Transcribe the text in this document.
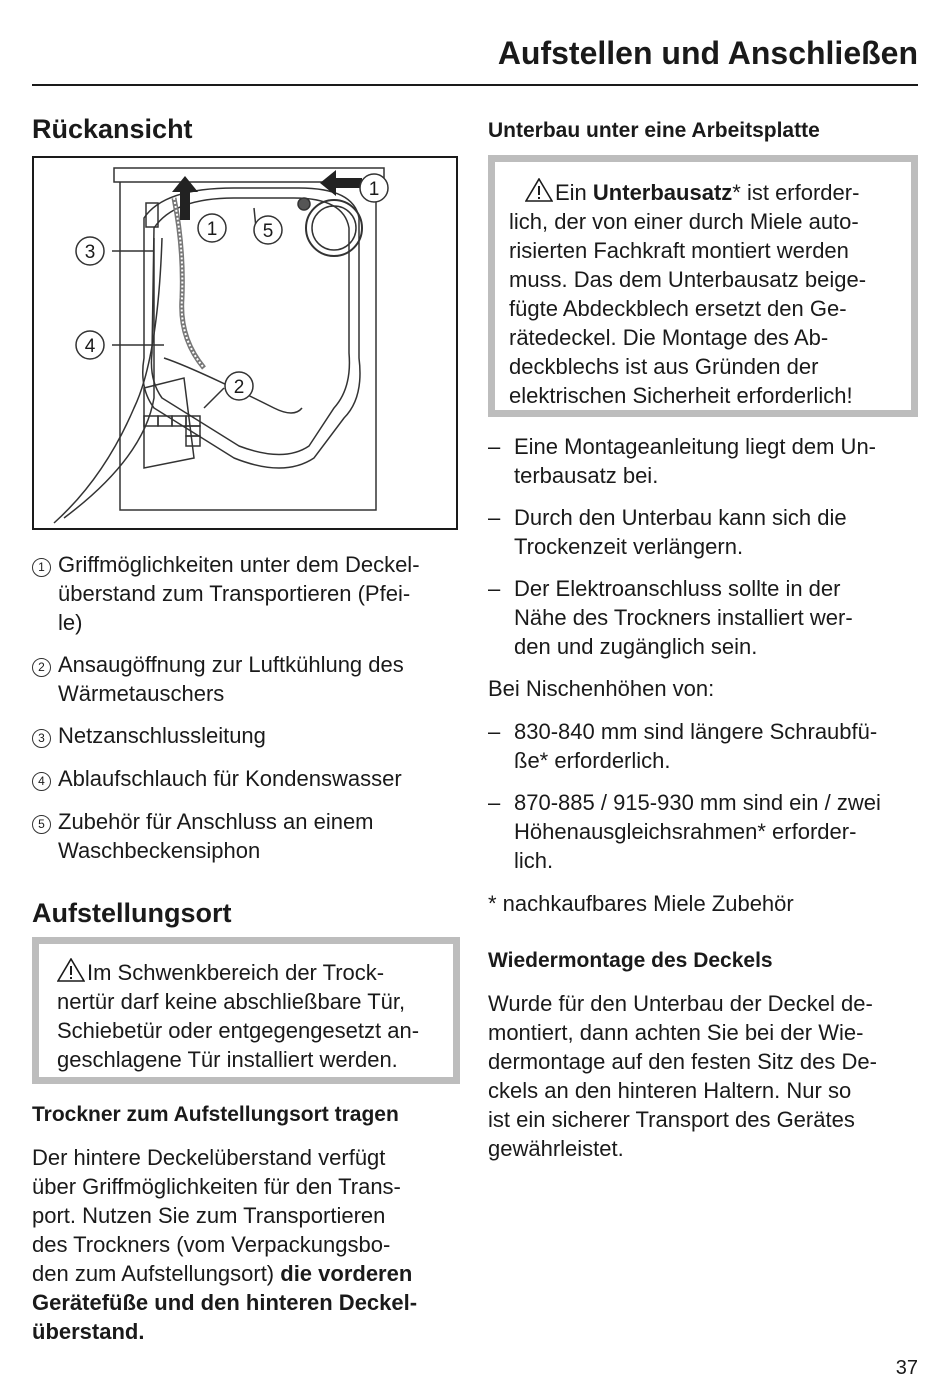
Aufstellen und Anschließen
Rückansicht
1
1 5
3
4
2
1 Griffmöglichkeiten unter dem Deckel-

überstand zum Transportieren (Pfei-

le)

2 Ansaugöffnung zur Luftkühlung des

Wärmetauschers

3 Netzanschlussleitung

4 Ablaufschlauch für Kondenswasser

5 Zubehör für Anschluss an einem

Waschbeckensiphon

Aufstellungsort

Im Schwenkbereich der Trock-

nertür darf keine abschließbare Tür,

Schiebetür oder entgegengesetzt an-

geschlagene Tür installiert werden.

Trockner zum Aufstellungsort tragen

Der hintere Deckelüberstand verfügt

über Griffmöglichkeiten für den Trans-

port. Nutzen Sie zum Transportieren

des Trockners (vom Verpackungsbo-

den zum Aufstellungsort) die vorderen

Gerätefüße und den hinteren Deckel-

überstand.

Unterbau unter eine Arbeitsplatte

Ein Unterbausatz* ist erforder-

lich, der von einer durch Miele auto-

risierten Fachkraft montiert werden

muss. Das dem Unterbausatz beige-

fügte Abdeckblech ersetzt den Ge-

rätedeckel. Die Montage des Ab-

deckblechs ist aus Gründen der

elektrischen Sicherheit erforderlich!

– Eine Montageanleitung liegt dem Un-

terbausatz bei.

– Durch den Unterbau kann sich die

Trockenzeit verlängern.

– Der Elektroanschluss sollte in der

Nähe des Trockners installiert wer-

den und zugänglich sein.

Bei Nischenhöhen von:

– 830-840 mm sind längere Schraubfü-

ße* erforderlich.

– 870-885 / 915-930 mm sind ein / zwei

Höhenausgleichsrahmen* erforder-

lich.

* nachkaufbares Miele Zubehör

Wiedermontage des Deckels

Wurde für den Unterbau der Deckel de-

montiert, dann achten Sie bei der Wie-

dermontage auf den festen Sitz des De-

ckels an den hinteren Haltern. Nur so

ist ein sicherer Transport des Gerätes

gewährleistet.

37
